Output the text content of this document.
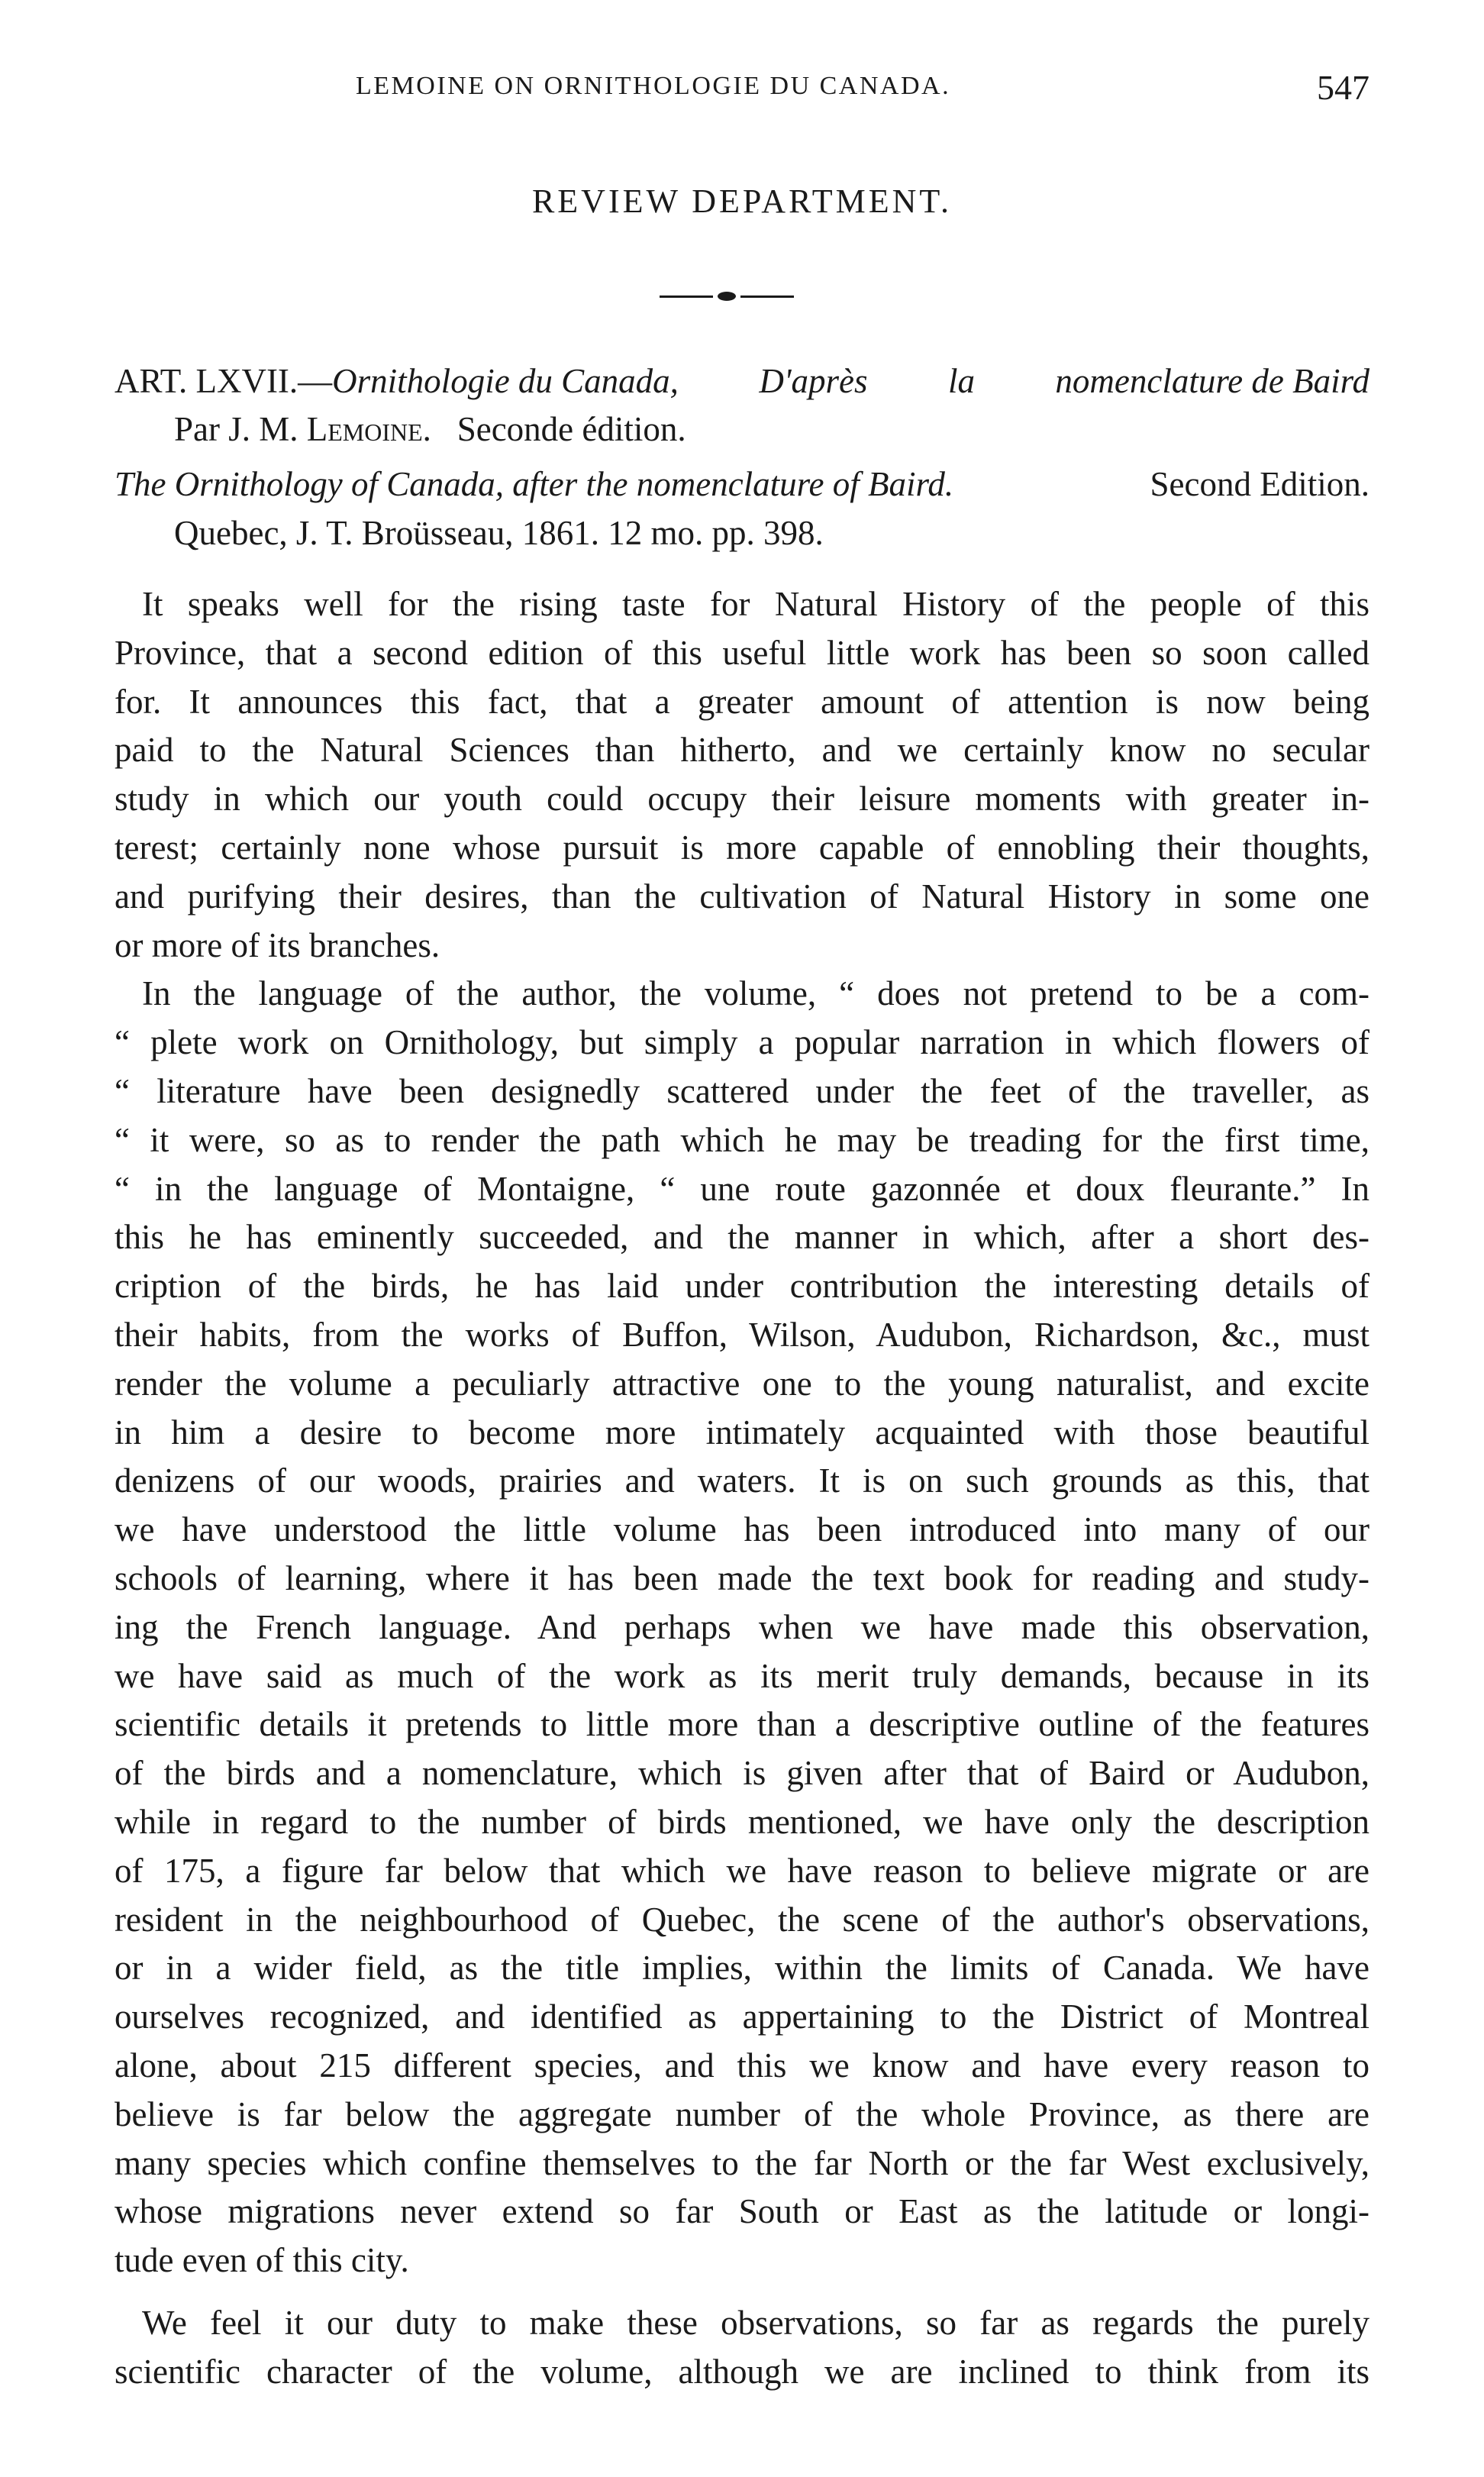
LEMOINE ON ORNITHOLOGIE DU CANADA.	547
REVIEW DEPARTMENT.
ART. LXVII.—Ornithologie du Canada, D'après la nomenclature de Baird
Par J. M. Lemoine. Seconde édition.
The Ornithology of Canada, after the nomenclature of Baird.	Second Edition.
Quebec, J. T. Broüsseau, 1861. 12 mo. pp. 398.
It speaks well for the rising taste for Natural History of the people of this
Province, that a second edition of this useful little work has been so soon called
for. It announces this fact, that a greater amount of attention is now being
paid to the Natural Sciences than hitherto, and we certainly know no secular
study in which our youth could occupy their leisure moments with greater in-
terest; certainly none whose pursuit is more capable of ennobling their thoughts,
and purifying their desires, than the cultivation of Natural History in some one
or more of its branches.
In the language of the author, the volume, “ does not pretend to be a com-
“ plete work on Ornithology, but simply a popular narration in which flowers of
“ literature have been designedly scattered under the feet of the traveller, as
“ it were, so as to render the path which he may be treading for the first time,
“ in the language of Montaigne, “ une route gazonnée et doux fleurante.” In
this he has eminently succeeded, and the manner in which, after a short des-
cription of the birds, he has laid under contribution the interesting details of
their habits, from the works of Buffon, Wilson, Audubon, Richardson, &c., must
render the volume a peculiarly attractive one to the young naturalist, and excite
in him a desire to become more intimately acquainted with those beautiful
denizens of our woods, prairies and waters. It is on such grounds as this, that
we have understood the little volume has been introduced into many of our
schools of learning, where it has been made the text book for reading and study-
ing the French language. And perhaps when we have made this observation,
we have said as much of the work as its merit truly demands, because in its
scientific details it pretends to little more than a descriptive outline of the features
of the birds and a nomenclature, which is given after that of Baird or Audubon,
while in regard to the number of birds mentioned, we have only the description
of 175, a figure far below that which we have reason to believe migrate or are
resident in the neighbourhood of Quebec, the scene of the author's observations,
or in a wider field, as the title implies, within the limits of Canada. We have
ourselves recognized, and identified as appertaining to the District of Montreal
alone, about 215 different species, and this we know and have every reason to
believe is far below the aggregate number of the whole Province, as there are
many species which confine themselves to the far North or the far West exclusively,
whose migrations never extend so far South or East as the latitude or longi-
tude even of this city.
We feel it our duty to make these observations, so far as regards the purely
scientific character of the volume, although we are inclined to think from its
